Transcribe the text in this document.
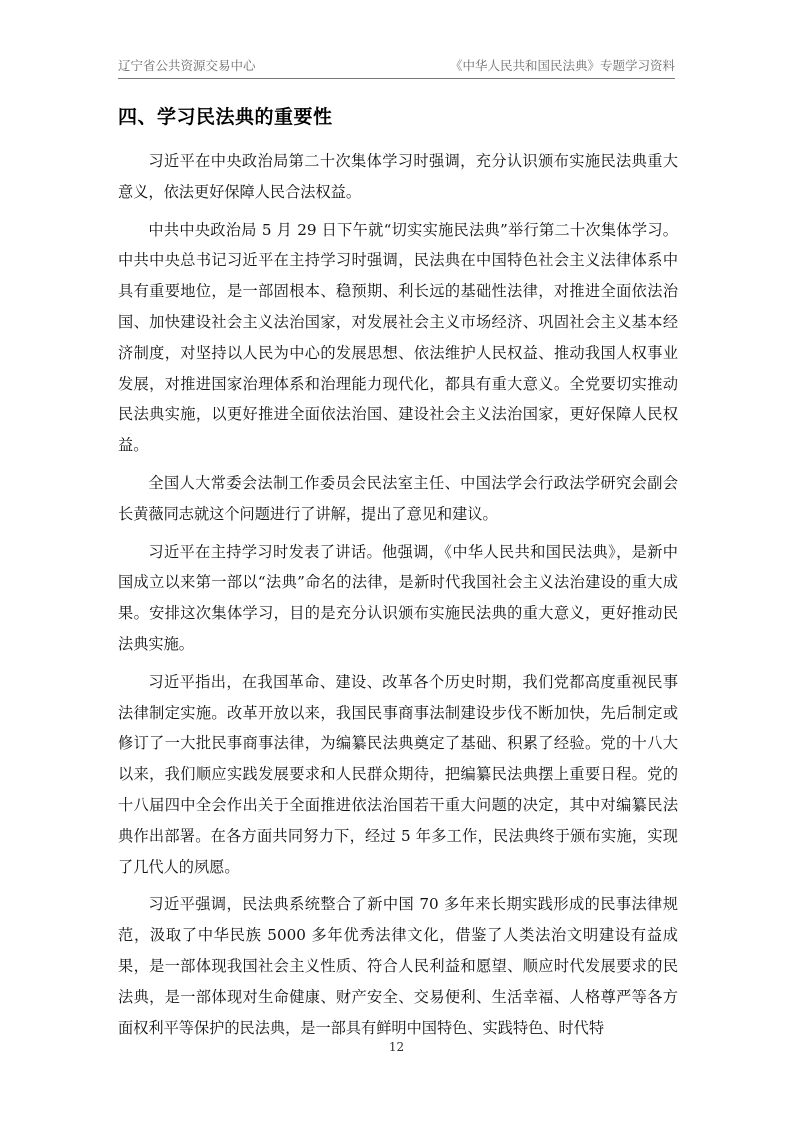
辽宁省公共资源交易中心	《中华人民共和国民法典》专题学习资料
四、学习民法典的重要性

习近平在中央政治局第二十次集体学习时强调，充分认识颁布实施民法典重大意义，依法更好保障人民合法权益。

中共中央政治局 5 月 29 日下午就“切实实施民法典”举行第二十次集体学习。中共中央总书记习近平在主持学习时强调，民法典在中国特色社会主义法律体系中具有重要地位，是一部固根本、稳预期、利长远的基础性法律，对推进全面依法治国、加快建设社会主义法治国家，对发展社会主义市场经济、巩固社会主义基本经济制度，对坚持以人民为中心的发展思想、依法维护人民权益、推动我国人权事业发展，对推进国家治理体系和治理能力现代化，都具有重大意义。全党要切实推动民法典实施，以更好推进全面依法治国、建设社会主义法治国家，更好保障人民权益。

全国人大常委会法制工作委员会民法室主任、中国法学会行政法学研究会副会长黄薇同志就这个问题进行了讲解，提出了意见和建议。

习近平在主持学习时发表了讲话。他强调，《中华人民共和国民法典》，是新中国成立以来第一部以“法典”命名的法律，是新时代我国社会主义法治建设的重大成果。安排这次集体学习，目的是充分认识颁布实施民法典的重大意义，更好推动民法典实施。

习近平指出，在我国革命、建设、改革各个历史时期，我们党都高度重视民事法律制定实施。改革开放以来，我国民事商事法制建设步伐不断加快，先后制定或修订了一大批民事商事法律，为编纂民法典奠定了基础、积累了经验。党的十八大以来，我们顺应实践发展要求和人民群众期待，把编纂民法典摆上重要日程。党的十八届四中全会作出关于全面推进依法治国若干重大问题的决定，其中对编纂民法典作出部署。在各方面共同努力下，经过 5 年多工作，民法典终于颁布实施，实现了几代人的夙愿。

习近平强调，民法典系统整合了新中国 70 多年来长期实践形成的民事法律规范，汲取了中华民族 5000 多年优秀法律文化，借鉴了人类法治文明建设有益成果，是一部体现我国社会主义性质、符合人民利益和愿望、顺应时代发展要求的民法典，是一部体现对生命健康、财产安全、交易便利、生活幸福、人格尊严等各方面权利平等保护的民法典，是一部具有鲜明中国特色、实践特色、时代特

12
